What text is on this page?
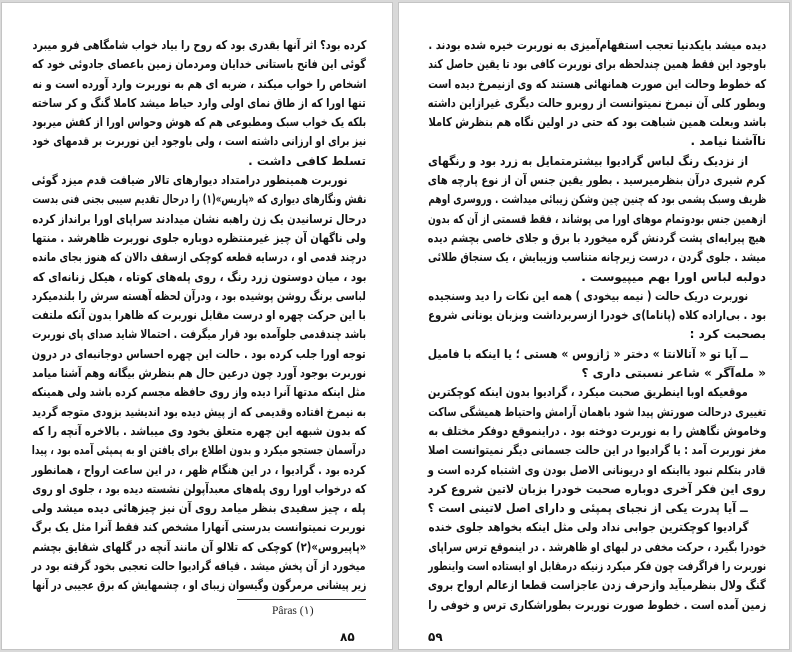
کرده بود؟ اثر آنها بقدری بود که روح را بیاد خواب شامگاهی فرو میبرد
گوئی این فاتح باستانی خدایان ومردمان زمین باعصای جادوئی خود که
اشخاص را خواب میکند ، ضربه ای هم به نوربرت وارد آورده است و نه
تنها اورا که از طاق نمای اولی وارد حیاط میشد کاملا گنگ و کر ساخته
بلکه یک خواب سبک ومطبوعی هم که هوش وحواس اورا از کفش میربود
نیز برای او ارزانی داشته است ، ولی باوجود این نوربرت بر قدمهای خود
تسلط کافی داشت .
نوربرت همینطور درامتداد دیوارهای تالار ضیافت قدم میزد گوئی
نقش ونگارهای دیواری که «پاریس»(۱) را درحال تقدیم سیبی بجنی فنی بدست
درحال ترسانیدن یک زن راهبه نشان میدادند سراپای اورا برانداز کرده
ولی ناگهان آن چیز غیرمنتظره دوباره جلوی نوربرت ظاهرشد . منتها
درچند قدمی او ، درسایه قطعه کوچکی ازسقف دالان که هنوز بجای مانده
بود ، میان دوستون زرد رنگ ، روی پله‌های کوتاه ، هیکل زنانه‌ای که
لباسی برنگ روشن پوشیده بود ، ودرآن لحظه آهسته سرش را بلندمیکرد
با این حرکت چهره او درست مقابل نوربرت که ظاهرا بدون آنکه ملتفت
باشد چندقدمی جلوآمده بود قرار میگرفت . احتمالا شاید صدای پای نوربرت
توجه اورا جلب کرده بود . حالت این چهره احساس دوجانبه‌ای در درون
نوربرت بوجود آورد چون درعین حال هم بنظرش بیگانه وهم آشنا میامد
مثل اینکه مدتها آنرا دیده واز روی حافظه مجسم کرده باشد ولی همینکه
به نیمرخ افتاده وقدیمی که از پیش دیده بود اندیشید بزودی متوجه گردید
که بدون شبهه این چهره متعلق بخود وی میباشد . بالاخره آنچه را که
درآسمان جستجو میکرد و بدون اطلاع برای یافتن او به پمپئی آمده بود ، پیدا
کرده بود . گرادیوا ، در این هنگام ظهر ، در این ساعت ارواح ، همانطور
که درخواب اورا روی پله‌های معبدآپولن نشسته دیده بود ، جلوی او روی
پله ، چیز سفیدی بنظر میامد روی آن نیز چیزهائی دیده میشد ولی
نوربرت نمیتوانست بدرستی آنهارا مشخص کند فقط آنرا مثل یک برگ
«پاپیروس»(۲) کوچکی که تلالو آن مانند آنچه در گلهای شقایق بچشم
میخورد از آن پخش میشد . قیافه گرادیوا حالت تعجبی بخود گرفته بود در
زیر پیشانی مرمرگون وگیسوان زیبای او ، چشمهایش که برق عجیبی در آنها
Pâras (۱)
۸۵
دیده میشد بایکدنیا تعجب استفهام‌آمیزی به نوربرت خیره شده بودند .
باوجود این فقط همین چندلحظه برای نوربرت کافی بود تا یقین حاصل کند
که خطوط وحالت این صورت همانهائی هستند که وی ازنیمرخ دیده است
وبطور کلی آن نیمرخ نمیتوانست از روبرو حالت دیگری غیرازاین داشته
باشد وبعلت همین شباهت بود که حتی در اولین نگاه هم بنظرش کاملا
ناآشنا نیامد .
از نزدیک رنگ لباس گرادیوا بیشترمتمایل به زرد بود و رنگهای
کرم شیری درآن بنظرمیرسید . بطور یقین جنس آن از نوع پارچه های
ظریف وسبک پشمی بود که چنین چین وشکن زیبائی میداشت . وروسری اوهم
ازهمین جنس بودوتمام موهای اورا می پوشاند ، فقط قسمتی از آن که بدون
هیچ پیرایه‌ای پشت گردنش گره میخورد با برق و جلای خاصی بچشم دیده
میشد . جلوی گردن ، درست زیرچانه متناسب وزیبایش ، یک سنجاق طلائی
دولبه لباس اورا بهم میپیوست .
نوربرت دریک حالت ( نیمه بیخودی ) همه این نکات را دید وسنجیده
بود . بی‌اراده کلاه (پاناما)ی خودرا ازسربرداشت وبزبان یونانی شروع
بصحبت کرد :
ــ آیا تو « آتالانتا » دختر « ژازوس » هستی ؛ یا اینکه با فامیل
« مله‌آگر » شاعر نسبتی داری ؟
موقعیکه اوبا اینطریق صحبت میکرد ، گرادیوا بدون اینکه کوچکترین
تغییری درحالت صورتش پیدا شود باهمان آرامش واحتیاط همیشگی ساکت
وخاموش نگاهش را به نوربرت دوخته بود . دراینموقع دوفکر مختلف به
مغز نوربرت آمد : یا گرادیوا در این حالت جسمانی دیگر نمیتوانست اصلا
قادر بتکلم نبود یااینکه او دریونانی الاصل بودن وی اشتباه کرده است و
روی این فکر آخری دوباره صحبت خودرا بزبان لاتین شروع کرد
ــ آیا پدرت یکی از نجبای پمپئی و دارای اصل لاتینی است ؟
گرادیوا کوچکترین جوابی نداد ولی مثل اینکه بخواهد جلوی خنده
خودرا بگیرد ، حرکت مخفی در لبهای او ظاهرشد . در اینموقع ترس سراپای
نوربرت را فراگرفت چون فکر میکرد زنیکه درمقابل او ایستاده است واینطور
گنگ ولال بنظرمیآید وازحرف زدن عاجزاست قطعا ازعالم ارواح بروی
زمین آمده است . خطوط صورت نوربرت بطوراشکاری ترس و خوفی را
۵۹
